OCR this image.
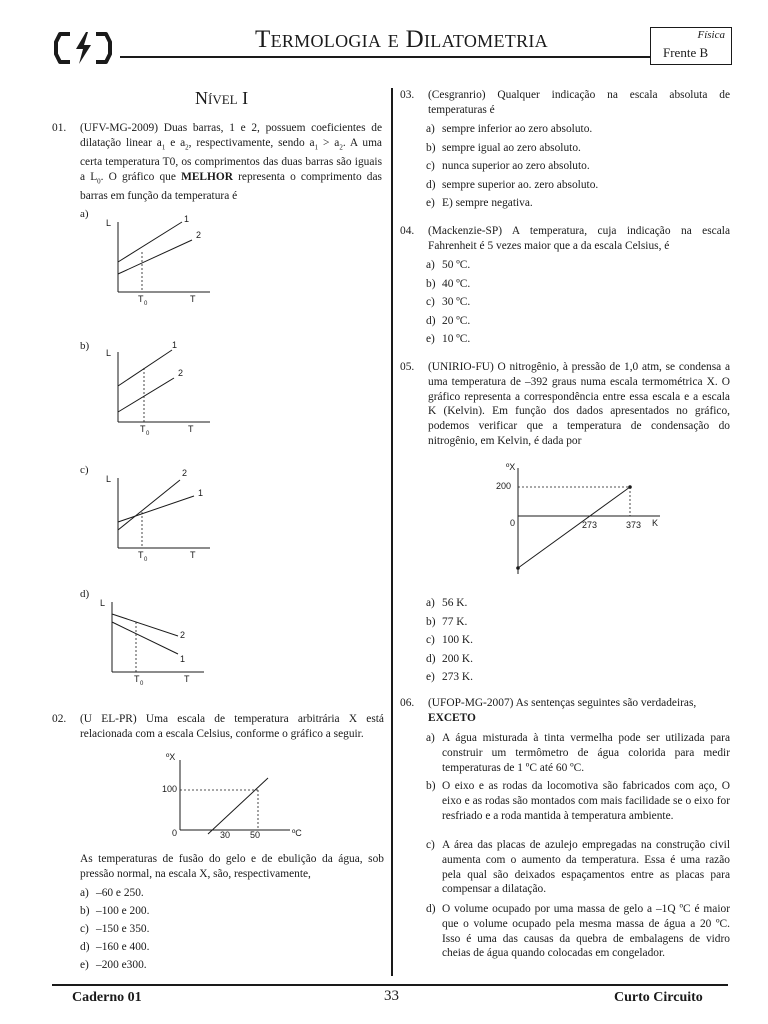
Termologia e Dilatometria	Física
Frente B
Nível I
01. (UFV-MG-2009) Duas barras, 1 e 2, possuem coeficientes de dilatação linear $a_1$ e $a_2$, respectivamente, sendo $a_1 > a_2$. A uma certa temperatura T0, os comprimentos das duas barras são iguais a $L_0$. O gráfico que MELHOR representa o comprimento das barras em função da temperatura é
a)
L	1
2
T 0	T
b)
L
1
2
T 0	T
c)
L
2
1
T 0	T
d)
L
2
1
T 0	T
02. (U EL-PR) Uma escala de temperatura arbitrária X está relacionada com a escala Celsius, conforme o gráfico a seguir.
ºX
100
0	30 50	ºC
As temperaturas de fusão do gelo e de ebulição da água, sob pressão normal, na escala X, são, respectivamente,
a) –60 e 250.
b) –100 e 200.
c) –150 e 350.
d) –160 e 400.
e) –200 e300.
03. (Cesgranrio) Qualquer indicação na escala absoluta de temperaturas é
a) sempre inferior ao zero absoluto.
b) sempre igual ao zero absoluto.
c) nunca superior ao zero absoluto.
d) sempre superior ao. zero absoluto.
e) E) sempre negativa.
04. (Mackenzie-SP) A temperatura, cuja indicação na escala Fahrenheit é 5 vezes maior que a da escala Celsius, é
a) 50 ºC.
b) 40 ºC.
c) 30 ºC.
d) 20 ºC.
e) 10 ºC.
05. (UNIRIO-FU) O nitrogênio, à pressão de 1,0 atm, se condensa a uma temperatura de –392 graus numa escala termométrica X. O gráfico representa a correspondência entre essa escala e a escala K (Kelvin). Em função dos dados apresentados no gráfico, podemos verificar que a temperatura de condensação do nitrogênio, em Kelvin, é dada por
ºX
200
0	273	373 K
a) 56 K.
b) 77 K.
c) 100 K.
d) 200 K.
e) 273 K.
06. (UFOP-MG-2007) As sentenças seguintes são verdadeiras,
EXCETO
a) A água misturada à tinta vermelha pode ser utilizada para construir um termômetro de água colorida para medir temperaturas de 1 ºC até 60 ºC.
b) O eixo e as rodas da locomotiva são fabricados com aço, O eixo e as rodas são montados com mais facilidade se o eixo for resfriado e a roda mantida à temperatura ambiente.
c) A área das placas de azulejo empregadas na construção civil aumenta com o aumento da temperatura. Essa é uma razão pela qual são deixados espaçamentos entre as placas para compensar a dilatação.
d) O volume ocupado por uma massa de gelo a –1Q ºC é maior que o volume ocupado pela mesma massa de água a 20 ºC. Isso é uma das causas da quebra de embalagens de vidro cheias de água quando colocadas em congelador.
Caderno 01	33	Curto Circuito
